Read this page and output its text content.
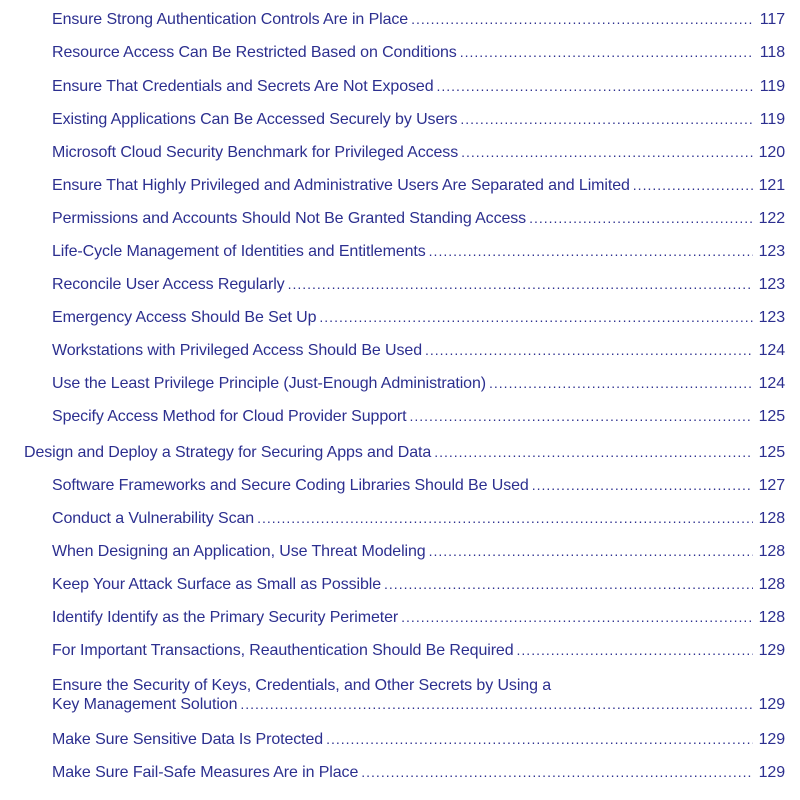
Ensure Strong Authentication Controls Are in Place .....	117
Resource Access Can Be Restricted Based on Conditions .....	118
Ensure That Credentials and Secrets Are Not Exposed .....	119
Existing Applications Can Be Accessed Securely by Users .....	119
Microsoft Cloud Security Benchmark for Privileged Access .....	120
Ensure That Highly Privileged and Administrative Users Are Separated and Limited .....	121
Permissions and Accounts Should Not Be Granted Standing Access .....	122
Life-Cycle Management of Identities and Entitlements .....	123
Reconcile User Access Regularly .....	123
Emergency Access Should Be Set Up .....	123
Workstations with Privileged Access Should Be Used .....	124
Use the Least Privilege Principle (Just-Enough Administration) .....	124
Specify Access Method for Cloud Provider Support .....	125
Design and Deploy a Strategy for Securing Apps and Data .....	125
Software Frameworks and Secure Coding Libraries Should Be Used .....	127
Conduct a Vulnerability Scan .....	128
When Designing an Application, Use Threat Modeling .....	128
Keep Your Attack Surface as Small as Possible .....	128
Identify Identify as the Primary Security Perimeter .....	128
For Important Transactions, Reauthentication Should Be Required .....	129
Ensure the Security of Keys, Credentials, and Other Secrets by Using a
Key Management Solution .....	129
Make Sure Sensitive Data Is Protected .....	129
Make Sure Fail-Safe Measures Are in Place .....	129
